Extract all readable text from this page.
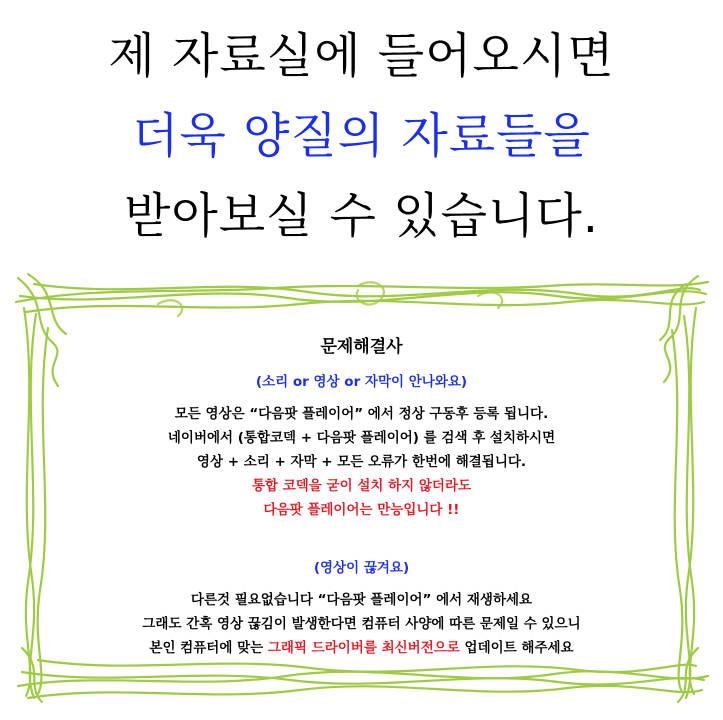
제 자료실에 들어오시면
더욱 양질의 자료들을
받아보실 수 있습니다.
문제해결사
(소리 or 영상 or 자막이 안나와요)
모든 영상은 “다음팟 플레이어” 에서 정상 구동후 등록 됩니다.
네이버에서 (통합코덱 + 다음팟 플레이어) 를 검색 후 설치하시면
영상 + 소리 + 자막 + 모든 오류가 한번에 해결됩니다.
통합 코덱을 굳이 설치 하지 않더라도
다음팟 플레이어는 만능입니다 !!
(영상이 끊겨요)
다른것 필요없습니다 “다음팟 플레이어” 에서 재생하세요
그래도 간혹 영상 끊김이 발생한다면 컴퓨터 사양에 따른 문제일 수 있으니
본인 컴퓨터에 맞는 그래픽 드라이버를 최신버전으로 업데이트 해주세요
